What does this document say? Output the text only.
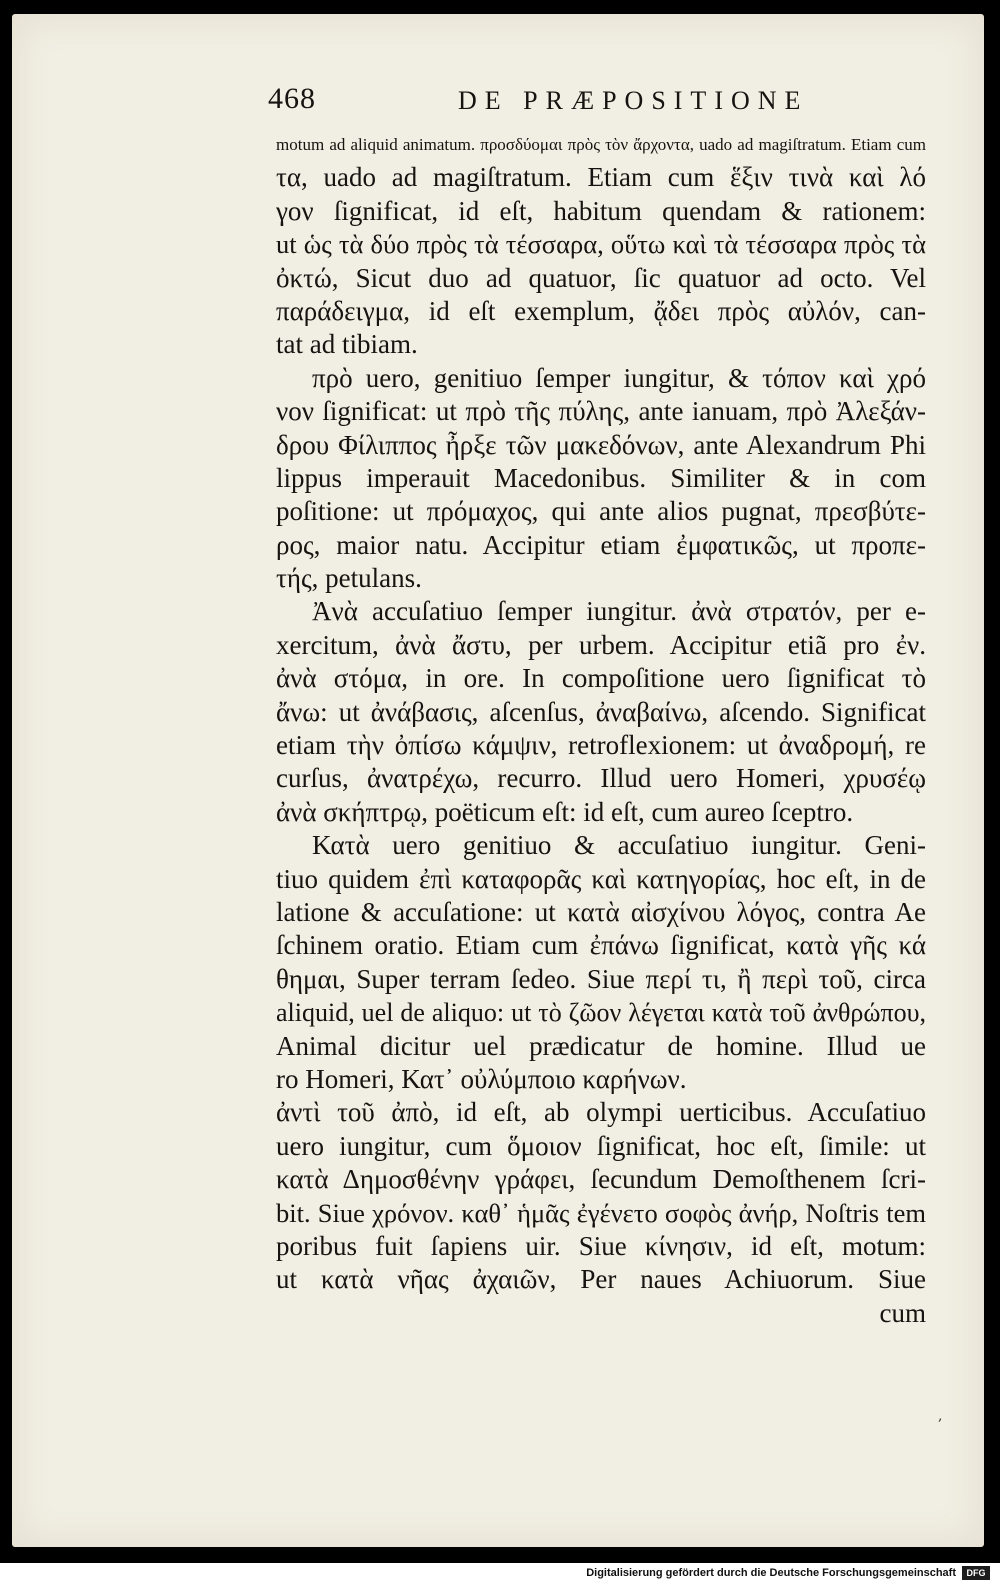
468	DE PRÆPOSITIONE
motum ad aliquid animatum. προσδύομαι πρὸς τὸν ἄρχοντα, uado ad magiſtratum. Etiam cum
τα, uado ad magiſtratum. Etiam cum ἕξιν τινὰ καὶ λό
γον ſignificat, id eſt, habitum quendam & rationem:
ut ὡς τὰ δύο πρὸς τὰ τέσσαρα, οὕτω καὶ τὰ τέσσαρα πρὸς τὰ
ὀκτώ, Sicut duo ad quatuor, ſic quatuor ad octo. Vel
παράδειγμα, id eſt exemplum, ᾄδει πρὸς αὐλόν, can-
tat ad tibiam.
πρὸ uero, genitiuo ſemper iungitur, & τόπον καὶ χρό
νον ſignificat: ut πρὸ τῆς πύλης, ante ianuam, πρὸ Ἀλεξάν-
δρου Φίλιππος ἦρξε τῶν μακεδόνων, ante Alexandrum Phi
lippus imperauit Macedonibus. Similiter & in com
poſitione: ut πρόμαχος, qui ante alios pugnat, πρεσβύτε-
ρος, maior natu. Accipitur etiam ἐμφατικῶς, ut προπε-
τής, petulans.
Ἀνὰ accuſatiuo ſemper iungitur. ἀνὰ στρατόν, per e-
xercitum, ἀνὰ ἄστυ, per urbem. Accipitur etiã pro ἐν.
ἀνὰ στόμα, in ore. In compoſitione uero ſignificat τὸ
ἄνω: ut ἀνάβασις, aſcenſus, ἀναβαίνω, aſcendo. Significat
etiam τὴν ὀπίσω κάμψιν, retroflexionem: ut ἀναδρομή, re
curſus, ἀνατρέχω, recurro. Illud uero Homeri, χρυσέῳ
ἀνὰ σκήπτρῳ, poëticum eſt: id eſt, cum aureo ſceptro.
Κατὰ uero genitiuo & accuſatiuo iungitur. Geni-
tiuo quidem ἐπὶ καταφορᾶς καὶ κατηγορίας, hoc eſt, in de
latione & accuſatione: ut κατὰ αἰσχίνου λόγος, contra Ae
ſchinem oratio. Etiam cum ἐπάνω ſignificat, κατὰ γῆς κά
θημαι, Super terram ſedeo. Siue περί τι, ἢ περὶ τοῦ, circa
aliquid, uel de aliquo: ut τὸ ζῶον λέγεται κατὰ τοῦ ἀνθρώπου,
Animal dicitur uel prædicatur de homine. Illud ue
ro Homeri, Κατ᾽ οὐλύμποιο καρήνων.
ἀντὶ τοῦ ἀπὸ, id eſt, ab olympi uerticibus. Accuſatiuo
uero iungitur, cum ὅμοιον ſignificat, hoc eſt, ſimile: ut
κατὰ Δημοσθένην γράφει, ſecundum Demoſthenem ſcri-
bit. Siue χρόνον. καθ᾽ ἡμᾶς ἐγένετο σοφὸς ἀνήρ, Noſtris tem
poribus fuit ſapiens uir. Siue κίνησιν, id eſt, motum:
ut κατὰ νῆας ἀχαιῶν, Per naues Achiuorum. Siue
cum
,
Digitalisierung gefördert durch die Deutsche Forschungsgemeinschaft	DFG
